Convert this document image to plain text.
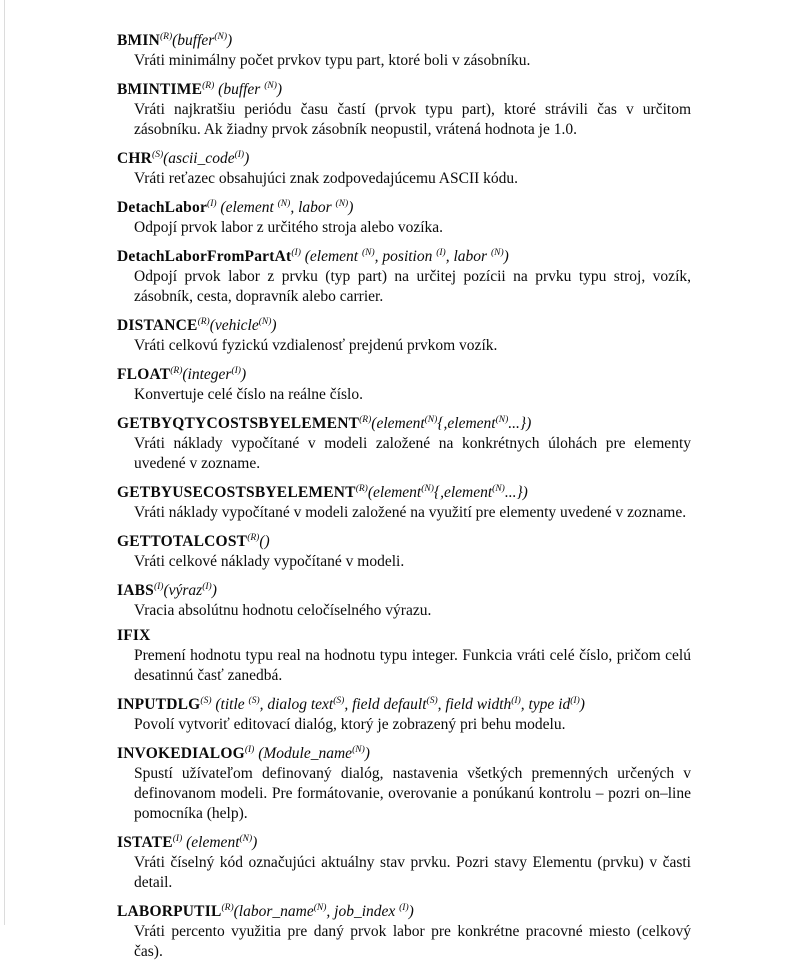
$BMIN^{(R)}(buffer^{(N)})$

Vráti minimálny počet prvkov typu part, ktoré boli v zásobníku.

$BMINTIME^{(R)}$ (buffer $^{(N)}$)

Vráti najkratšiu periódu času častí (prvok typu part), ktoré strávili čas v určitom zásobníku. Ak žiadny prvok zásobník neopustil, vrátená hodnota je 1.0.

$CHR^{(S)}(ascii\_code^{(I)})$

Vráti reťazec obsahujúci znak zodpovedajúcemu ASCII kódu.

DetachLabor$^{(I)}$ (element $^{(N)}$, labor $^{(N)}$)

Odpojí prvok labor z určitého stroja alebo vozíka.

DetachLaborFromPartAt$^{(I)}$ (element $^{(N)}$, position $^{(I)}$, labor $^{(N)}$)

Odpojí prvok labor z prvku (typ part) na určitej pozícii na prvku typu stroj, vozík, zásobník, cesta, dopravník alebo carrier.

$DISTANCE^{(R)}(vehicle^{(N)})$

Vráti celkovú fyzickú vzdialenosť prejdenú prvkom vozík.

$FLOAT^{(R)}(integer^{(I)})$

Konvertuje celé číslo na reálne číslo.

$GETBYQTYCOSTSBYELEMENT^{(R)}(element^{(N)}\{,element^{(N)}...\})$

Vráti náklady vypočítané v modeli založené na konkrétnych úlohách pre elementy uvedené v zozname.

$GETBYUSECOSTSBYELEMENT^{(R)}(element^{(N)}\{,element^{(N)}...\})$

Vráti náklady vypočítané v modeli založené na využití pre elementy uvedené v zozname.

$GETTOTALCOST^{(R)}()$

Vráti celkové náklady vypočítané v modeli.

$IABS^{(I)}(výraz^{(I)})$

Vracia absolútnu hodnotu celočíselného výrazu.

IFIX

Premení hodnotu typu real na hodnotu typu integer. Funkcia vráti celé číslo, pričom celú desatinnú časť zanedbá.

$INPUTDLG^{(S)}$ (title $^{(S)}$, dialog text$^{(S)}$, field default$^{(S)}$, field width$^{(I)}$, type $id^{(I)}$)

Povolí vytvoriť editovací dialóg, ktorý je zobrazený pri behu modelu.

$INVOKEDIALOG^{(I)}$ (Module_name$^{(N)}$)

Spustí užívateľom definovaný dialóg, nastavenia všetkých premenných určených v definovanom modeli. Pre formátovanie, overovanie a ponúkanú kontrolu – pozri on–line pomocníka (help).

$ISTATE^{(I)}$ (element$^{(N)}$)

Vráti číselný kód označujúci aktuálny stav prvku. Pozri stavy Elementu (prvku) v časti detail.

$LABORPUTIL^{(R)}(labor\_name^{(N)}$, job_index $^{(I)}$)

Vráti percento využitia pre daný prvok labor pre konkrétne pracovné miesto (celkový čas).
